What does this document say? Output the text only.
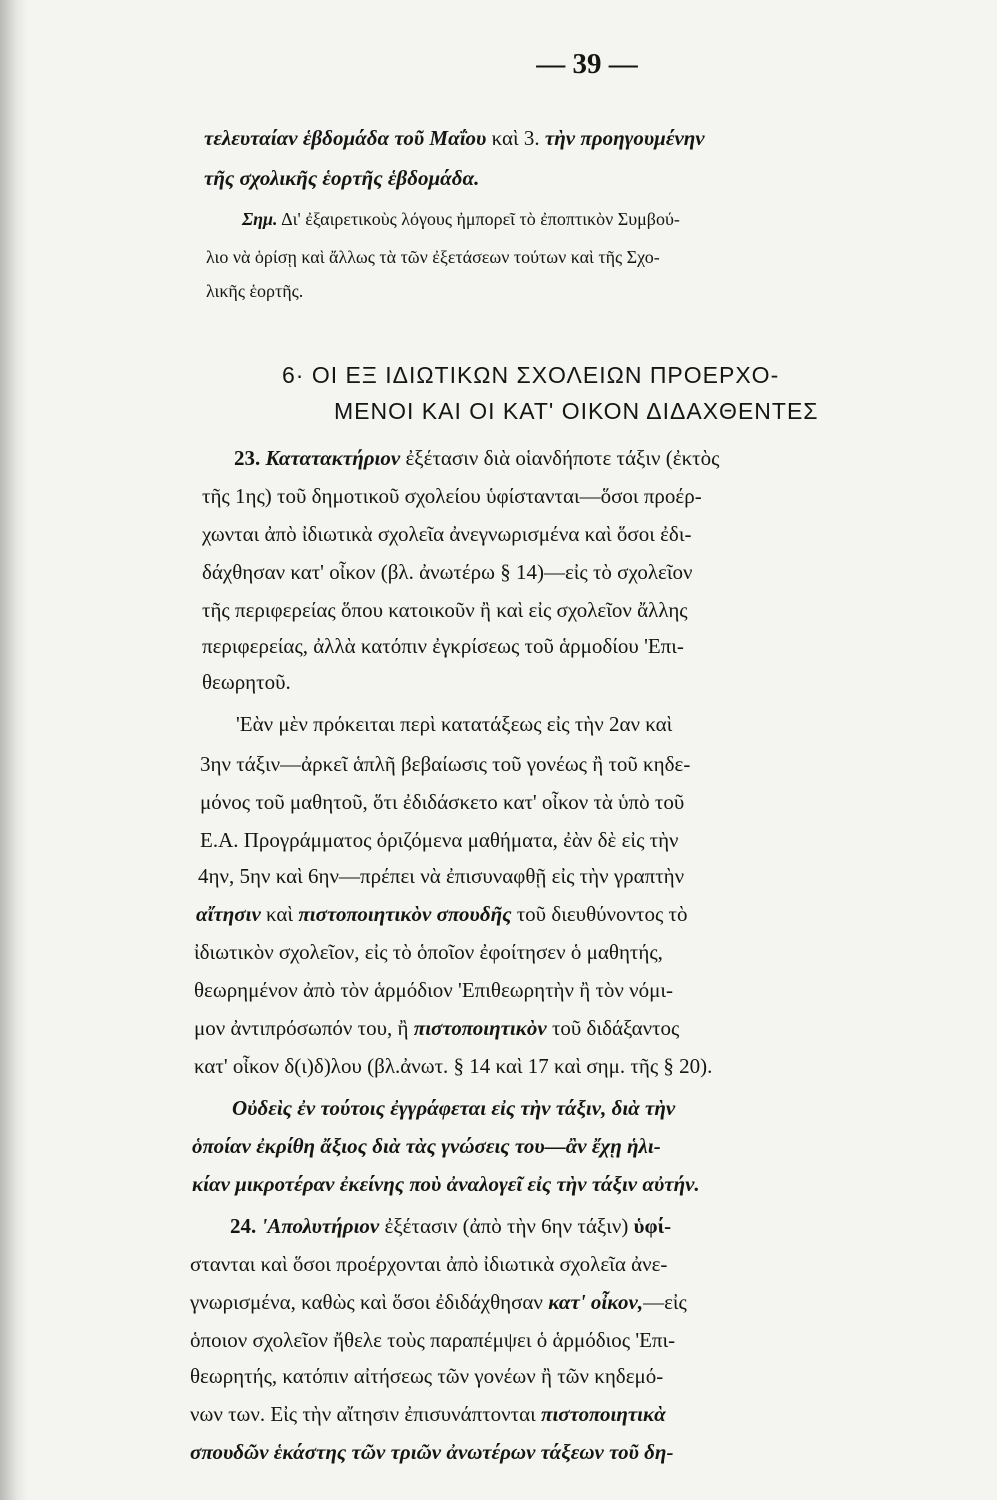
— 39 —
τελευταίαν ἑβδομάδα τοῦ Μαΐου καὶ 3. τὴν προηγουμένην
τῆς σχολικῆς ἑορτῆς ἑβδομάδα.
Σημ. Δι' ἐξαιρετικοὺς λόγους ἠμπορεῖ τὸ ἐποπτικὸν Συμβού-
λιο νὰ ὁρίσῃ καὶ ἄλλως τὰ τῶν ἐξετάσεων τούτων καὶ τῆς Σχο-
λικῆς ἑορτῆς.
6· ΟΙ ΕΞ ΙΔΙΩΤΙΚΩΝ ΣΧΟΛΕΙΩΝ ΠΡΟΕΡΧΟ-
ΜΕΝΟΙ ΚΑΙ ΟΙ ΚΑΤ' ΟΙΚΟΝ ΔΙΔΑΧΘΕΝΤΕΣ
23. Κατατακτήριον ἐξέτασιν διὰ οἱανδήποτε τάξιν (ἐκτὸς
τῆς 1ης) τοῦ δημοτικοῦ σχολείου ὑφίστανται—ὅσοι προέρ-
χωνται ἀπὸ ἰδιωτικὰ σχολεῖα ἀνεγνωρισμένα καὶ ὅσοι ἐδι-
δάχθησαν κατ' οἶκον (βλ. ἀνωτέρω § 14)—εἰς τὸ σχολεῖον
τῆς περιφερείας ὅπου κατοικοῦν ἢ καὶ εἰς σχολεῖον ἄλλης
περιφερείας, ἀλλὰ κατόπιν ἐγκρίσεως τοῦ ἁρμοδίου 'Επι-
θεωρητοῦ.
'Εὰν μὲν πρόκειται περὶ κατατάξεως εἰς τὴν 2αν καὶ
3ην τάξιν—ἀρκεῖ ἁπλῆ βεβαίωσις τοῦ γονέως ἢ τοῦ κηδε-
μόνος τοῦ μαθητοῦ, ὅτι ἐδιδάσκετο κατ' οἶκον τὰ ὑπὸ τοῦ
Ε.Α. Προγράμματος ὁριζόμενα μαθήματα, ἐὰν δὲ εἰς τὴν
4ην, 5ην καὶ 6ην—πρέπει νὰ ἐπισυναφθῇ εἰς τὴν γραπτὴν
αἴτησιν καὶ πιστοποιητικὸν σπουδῆς τοῦ διευθύνοντος τὸ
ἰδιωτικὸν σχολεῖον, εἰς τὸ ὁποῖον ἐφοίτησεν ὁ μαθητής,
θεωρημένον ἀπὸ τὸν ἁρμόδιον 'Επιθεωρητὴν ἢ τὸν νόμι-
μον ἀντιπρόσωπόν του, ἢ πιστοποιητικὸν τοῦ διδάξαντος
κατ' οἶκον δ(ι)δ)λου (βλ.ἀνωτ. § 14 καὶ 17 καὶ σημ. τῆς § 20).
Οὐδεὶς ἐν τούτοις ἐγγράφεται εἰς τὴν τάξιν, διὰ τὴν
ὁποίαν ἐκρίθη ἄξιος διὰ τὰς γνώσεις του—ἂν ἔχῃ ἡλι-
κίαν μικροτέραν ἐκείνης ποὺ ἀναλογεῖ εἰς τὴν τάξιν αὐτήν.
24. 'Απολυτήριον ἐξέτασιν (ἀπὸ τὴν 6ην τάξιν) ὑφί-
στανται καὶ ὅσοι προέρχονται ἀπὸ ἰδιωτικὰ σχολεῖα ἀνε-
γνωρισμένα, καθὼς καὶ ὅσοι ἐδιδάχθησαν κατ' οἶκον,—εἰς
ὁποιον σχολεῖον ἤθελε τοὺς παραπέμψει ὁ ἁρμόδιος 'Επι-
θεωρητής, κατόπιν αἰτήσεως τῶν γονέων ἢ τῶν κηδεμό-
νων των. Εἰς τὴν αἴτησιν ἐπισυνάπτονται πιστοποιητικὰ
σπουδῶν ἑκάστης τῶν τριῶν ἀνωτέρων τάξεων τοῦ δη-
